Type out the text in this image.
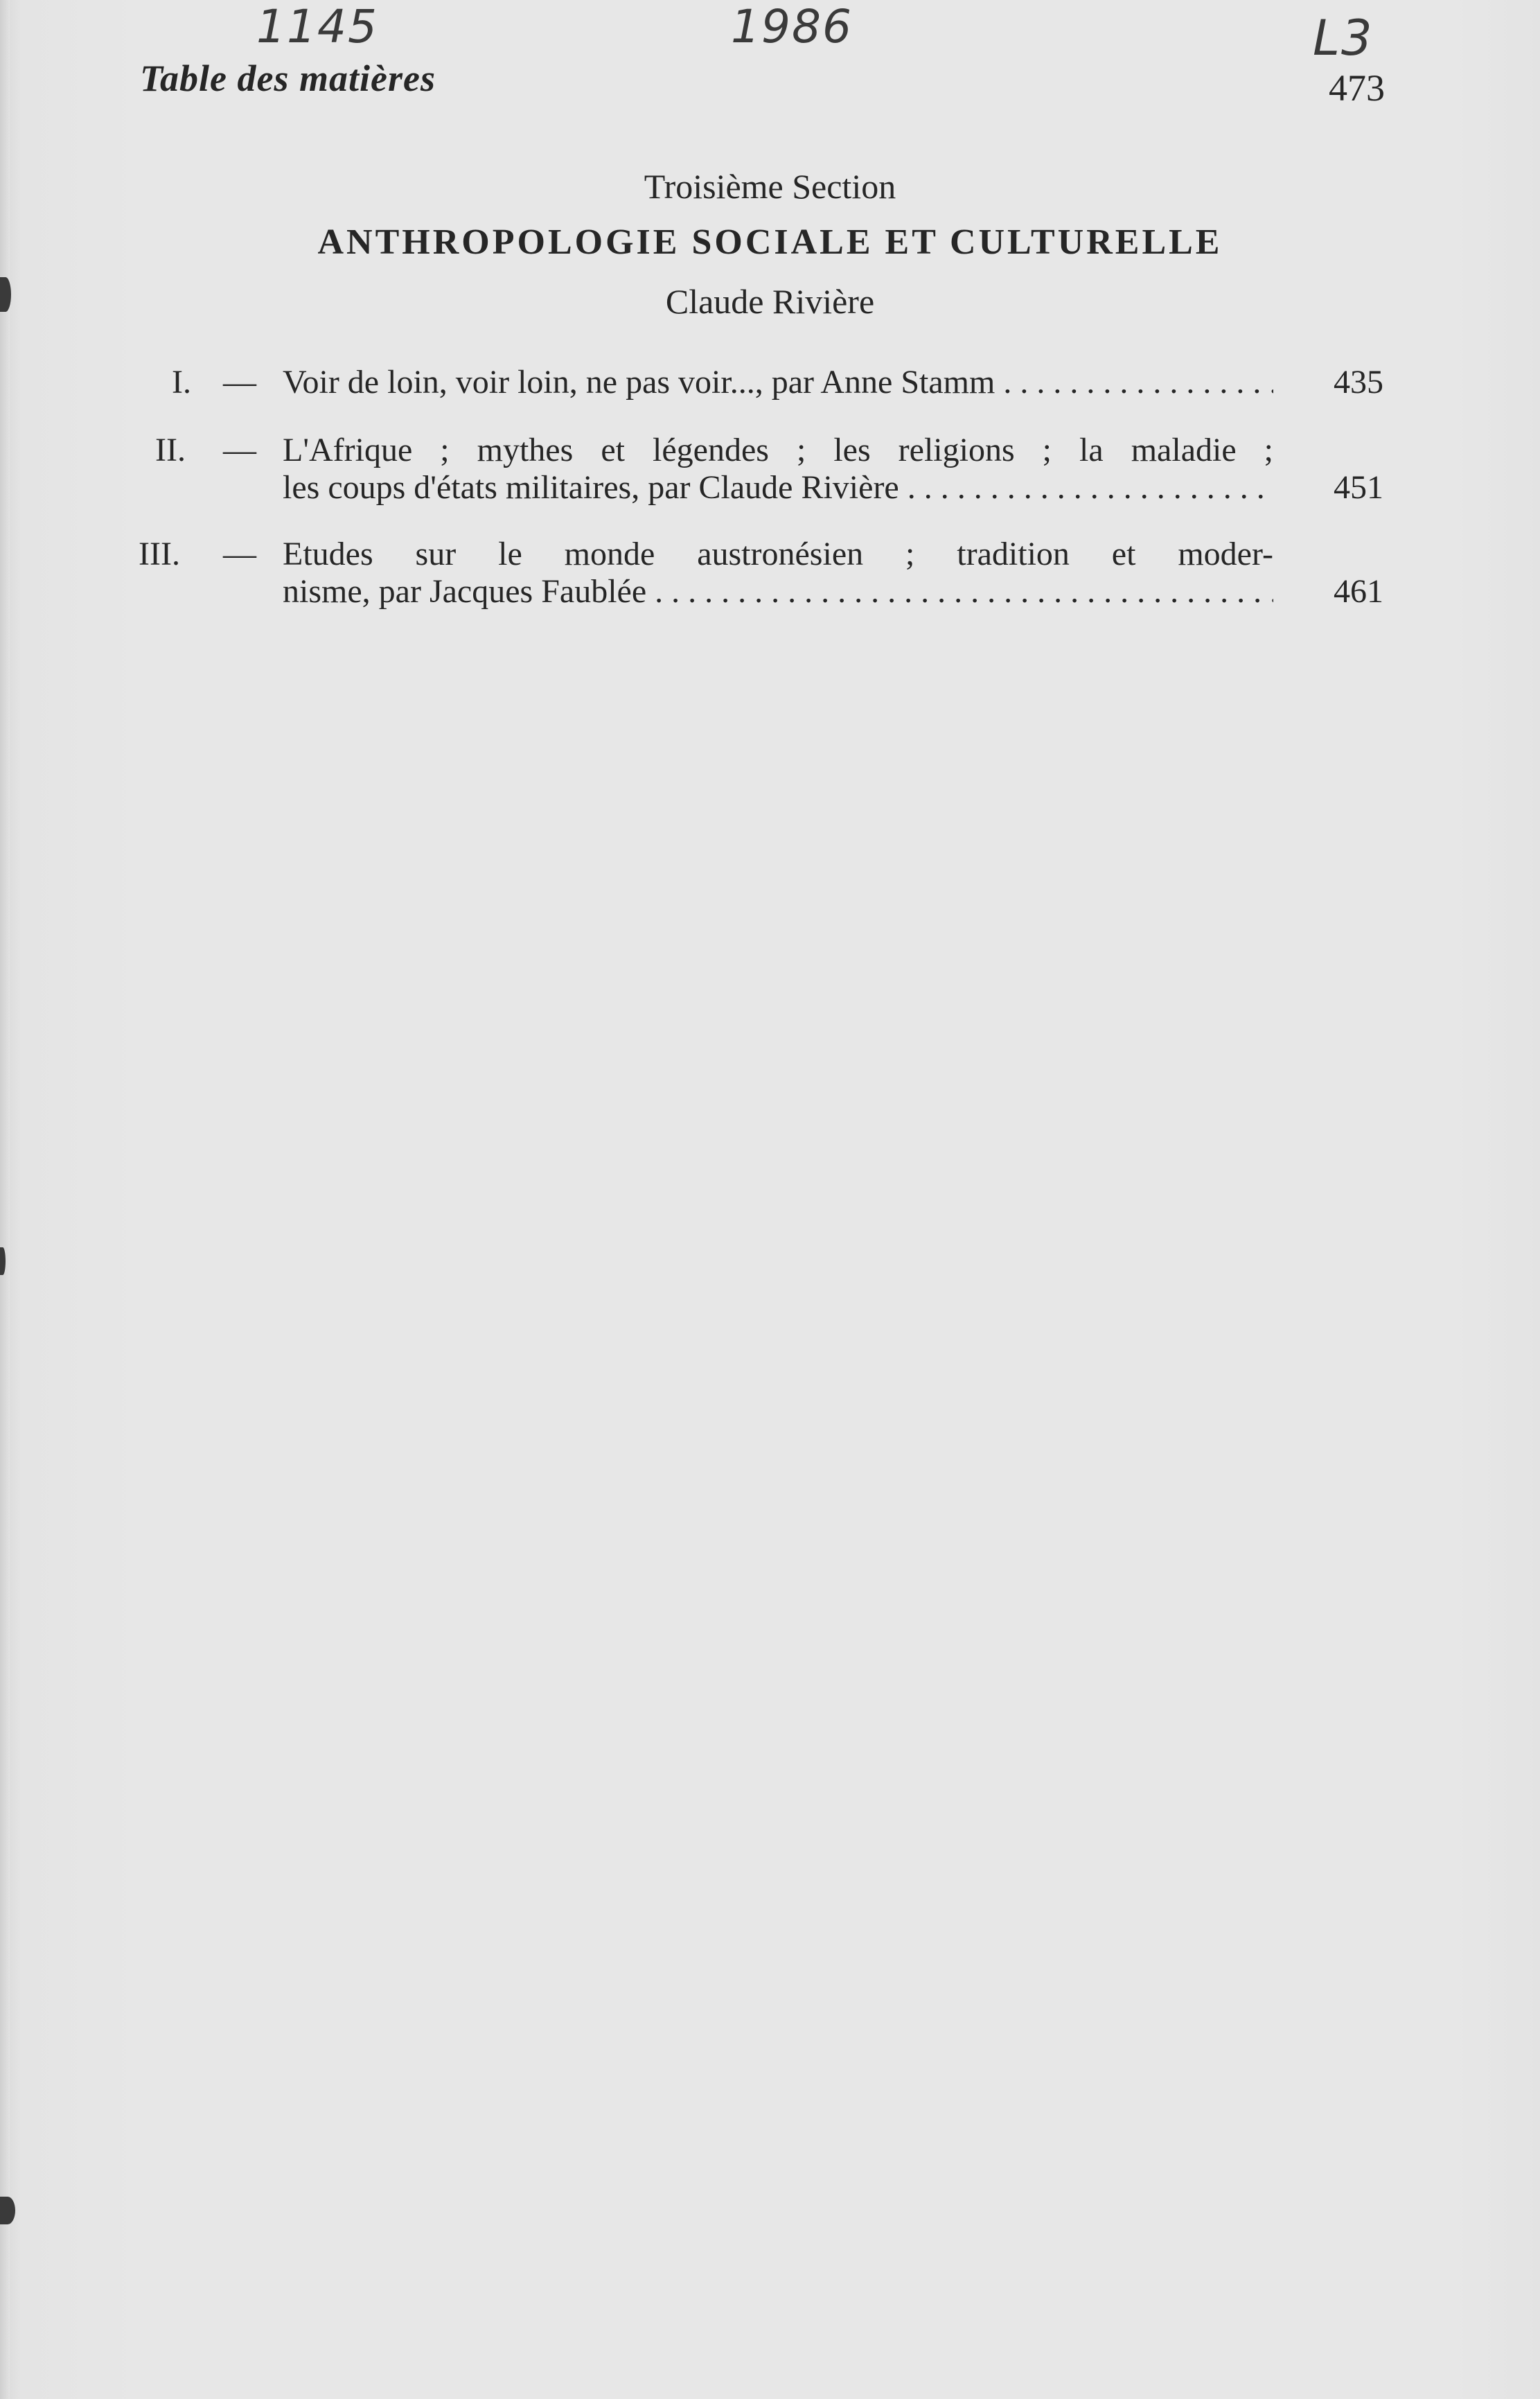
1145	1986	L3
Table des matières	473
Troisième Section
ANTHROPOLOGIE SOCIALE ET CULTURELLE
Claude Rivière
I. — Voir de loin, voir loin, ne pas voir..., par Anne Stamm . . .	435
II. — L'Afrique ; mythes et légendes ; les religions ; la maladie ;
les coups d'états militaires, par Claude Rivière . . .	451
III. — Etudes sur le monde austronésien ; tradition et moder-
nisme, par Jacques Faublée . . .	461
